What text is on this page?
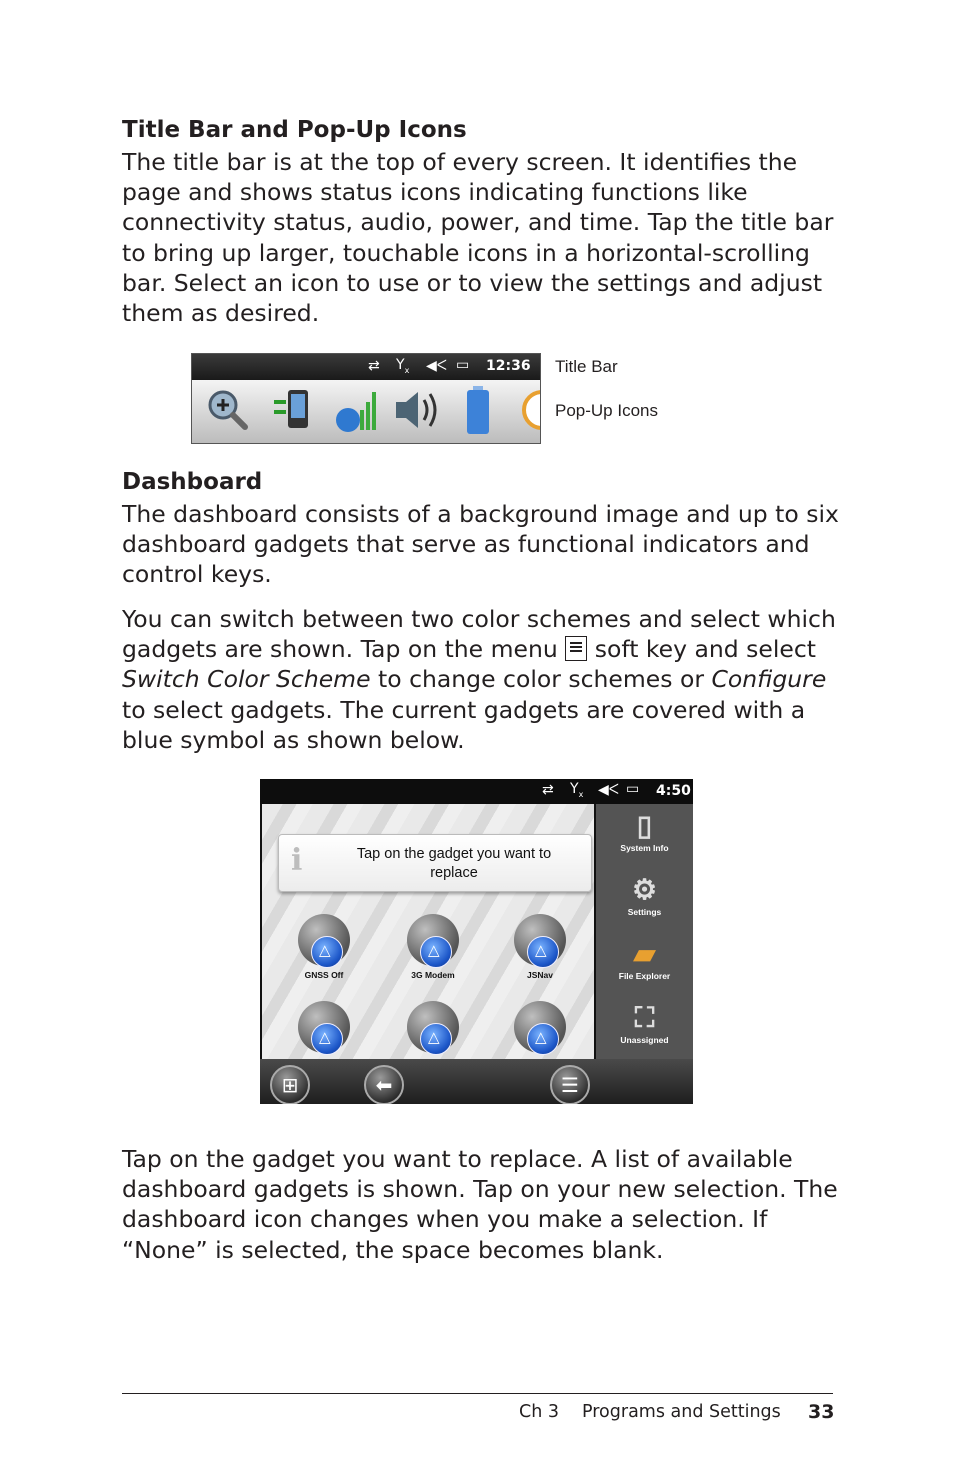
Title Bar and Pop-Up Icons

The title bar is at the top of every screen. It identifies the page and shows status icons indicating functions like connectivity status, audio, power, and time. Tap the title bar to bring up larger, touchable icons in a horizontal-scrolling bar. Select an icon to use or to view the settings and adjust them as desired.

⇄ $Y_x$ ◀︎ᐸ ▭ 12:36 Title Bar
Pop-Up Icons
Dashboard

The dashboard consists of a background image and up to six dashboard gadgets that serve as functional indicators and control keys.

You can switch between two color schemes and select which gadgets are shown. Tap on the menu soft key and select Switch Color Scheme to change color schemes or Configure to select gadgets. The current gadgets are covered with a blue symbol as shown below.

⇄ $Y_x$ ◀︎ᐸ ▭ 4:50
i	Tap on the gadget you want to replace
△
GNSS Off
△	3G Modem
△	JSNav
△
△
△
▯
System Info
⚙
Settings
▰
File Explorer
⛶
Unassigned
⊞	⬅	☰

Tap on the gadget you want to replace. A list of available dashboard gadgets is shown. Tap on your new selection. The dashboard icon changes when you make a selection. If “None” is selected, the space becomes blank.

Ch 3 Programs and Settings 33
